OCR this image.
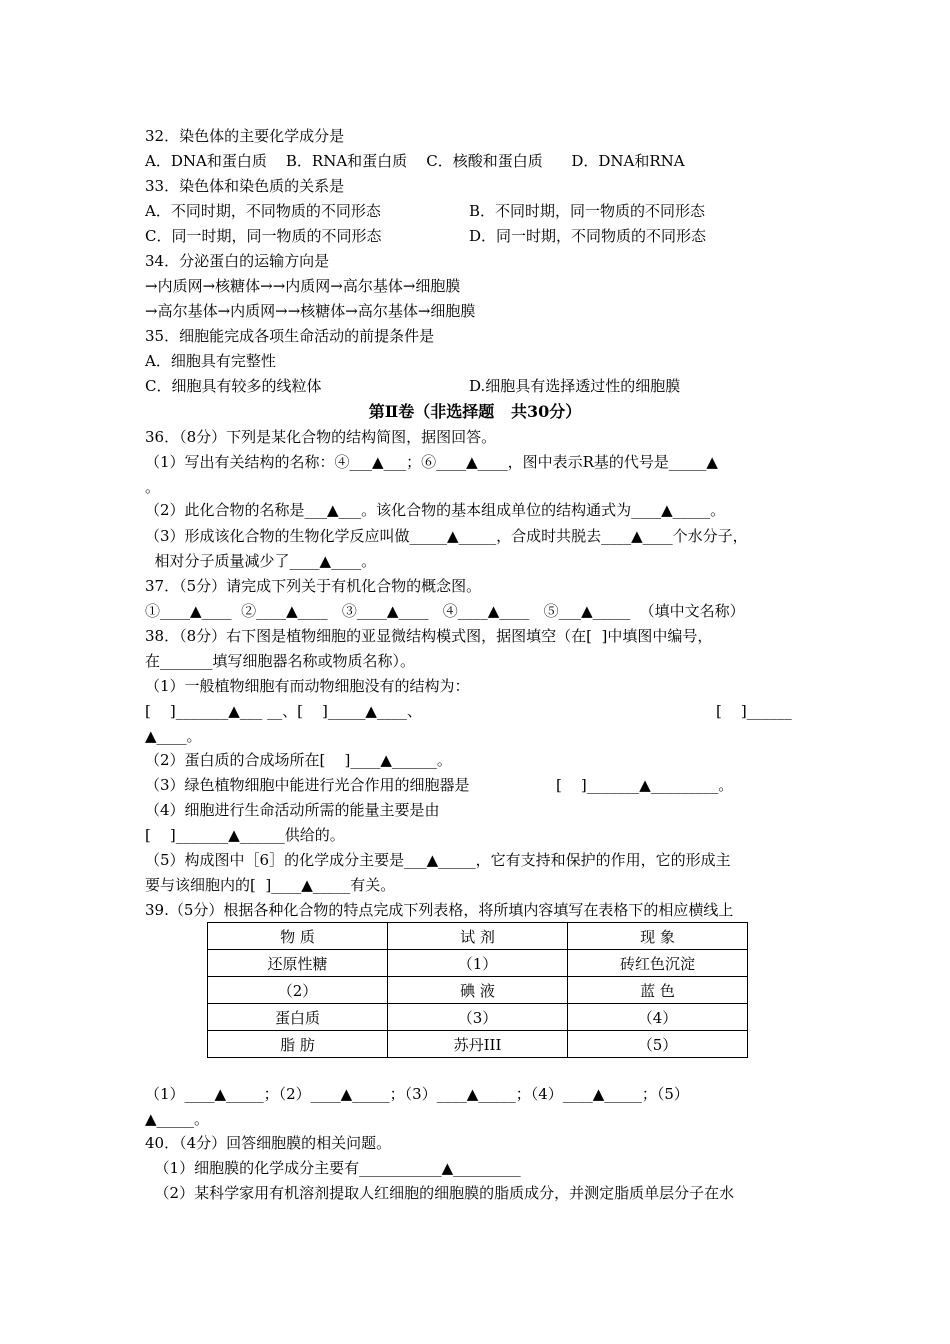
32．染色体的主要化学成分是
A．DNA和蛋白质    B．RNA和蛋白质    C．核酸和蛋白质      D．DNA和RNA
33．染色体和染色质的关系是
A．不同时期，不同物质的不同形态	B．不同时期，同一物质的不同形态
C．同一时期，同一物质的不同形态	D．同一时期，不同物质的不同形态
34．分泌蛋白的运输方向是
→内质网→核糖体→→内质网→高尔基体→细胞膜
→高尔基体→内质网→→核糖体→高尔基体→细胞膜
35．细胞能完成各项生命活动的前提条件是
A．细胞具有完整性
C．细胞具有较多的线粒体	D.细胞具有选择透过性的细胞膜
第Ⅱ卷（非选择题   共30分）
36．（8分）下列是某化合物的结构简图，据图回答。
（1）写出有关结构的名称：④___▲___；⑥____▲____，图中表示R基的代号是_____▲
。
（2）此化合物的名称是___▲___。该化合物的基本组成单位的结构通式为____▲_____。
（3）形成该化合物的生物化学反应叫做_____▲_____，合成时共脱去____▲____个水分子，
相对分子质量减少了____▲____。
37．（5分）请完成下列关于有机化合物的概念图。
①____▲____  ②____▲____   ③____▲____   ④____▲____   ⑤___▲_____  （填中文名称）
38．（8分）右下图是植物细胞的亚显微结构模式图，据图填空（在[  ]中填图中编号，
在_______填写细胞器名称或物质名称）。
（1）一般植物细胞有而动物细胞没有的结构为：
[    ]_______▲___ __、[    ]_____▲____、	[    ]______
▲____。
（2）蛋白质的合成场所在[    ]____▲______。
（3）绿色植物细胞中能进行光合作用的细胞器是	[    ]_______▲_________。
（4）细胞进行生命活动所需的能量主要是由
[    ]_______▲______供给的。
（5）构成图中［6］的化学成分主要是___▲_____，它有支持和保护的作用，它的形成主
要与该细胞内的[  ]____▲_____有关。
39.（5分）根据各种化合物的特点完成下列表格，将所填内容填写在表格下的相应横线上
物 质	试 剂	现 象
还原性糖	（1）	砖红色沉淀
（2）	碘 液	蓝 色
蛋白质	（3）	（4）
脂 肪	苏丹III	（5）
（1）____▲_____；（2）____▲_____；（3）____▲_____；（4）____▲_____；（5）
▲_____。
40．（4分）回答细胞膜的相关问题。
（1）细胞膜的化学成分主要有___________▲_________
（2）某科学家用有机溶剂提取人红细胞的细胞膜的脂质成分，并测定脂质单层分子在水
